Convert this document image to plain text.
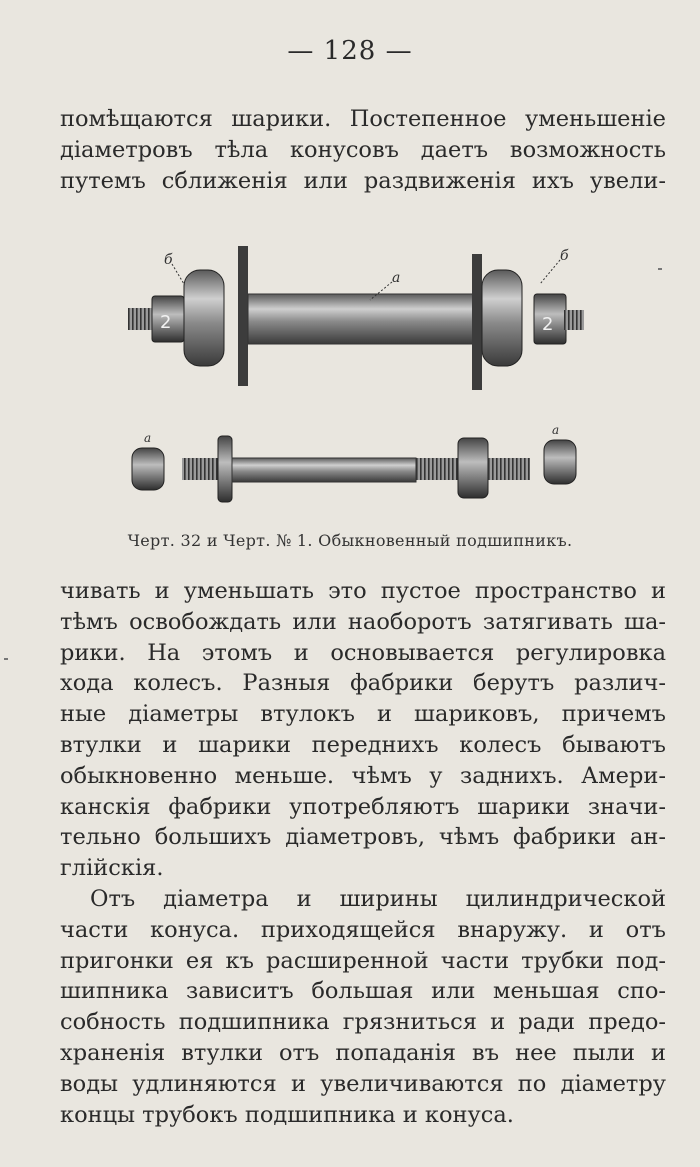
— 128 —
помѣщаются шарики. Постепенное уменьшеніе
діаметровъ тѣла конусовъ даетъ возможность
путемъ сближенія или раздвиженія ихъ увели-
2	2
б
а
б
а
а
Черт. 32 и Черт. № 1. Обыкновенный подшипникъ.
чивать и уменьшать это пустое пространство и
тѣмъ освобождать или наоборотъ затягивать ша-
рики. На этомъ и основывается регулировка
хода колесъ. Разныя фабрики берутъ различ-
ные діаметры втулокъ и шариковъ, причемъ
втулки и шарики переднихъ колесъ бываютъ
обыкновенно меньше. чѣмъ у заднихъ. Амери-
канскія фабрики употребляютъ шарики значи-
тельно большихъ діаметровъ, чѣмъ фабрики ан-
глійскія.
Отъ діаметра и ширины цилиндрической
части конуса. приходящейся внаружу. и отъ
пригонки ея къ расширенной части трубки под-
шипника зависитъ большая или меньшая спо-
собность подшипника грязниться и ради предо-
храненія втулки отъ попаданія въ нее пыли и
воды удлиняются и увеличиваются по діаметру
концы трубокъ подшипника и конуса.
